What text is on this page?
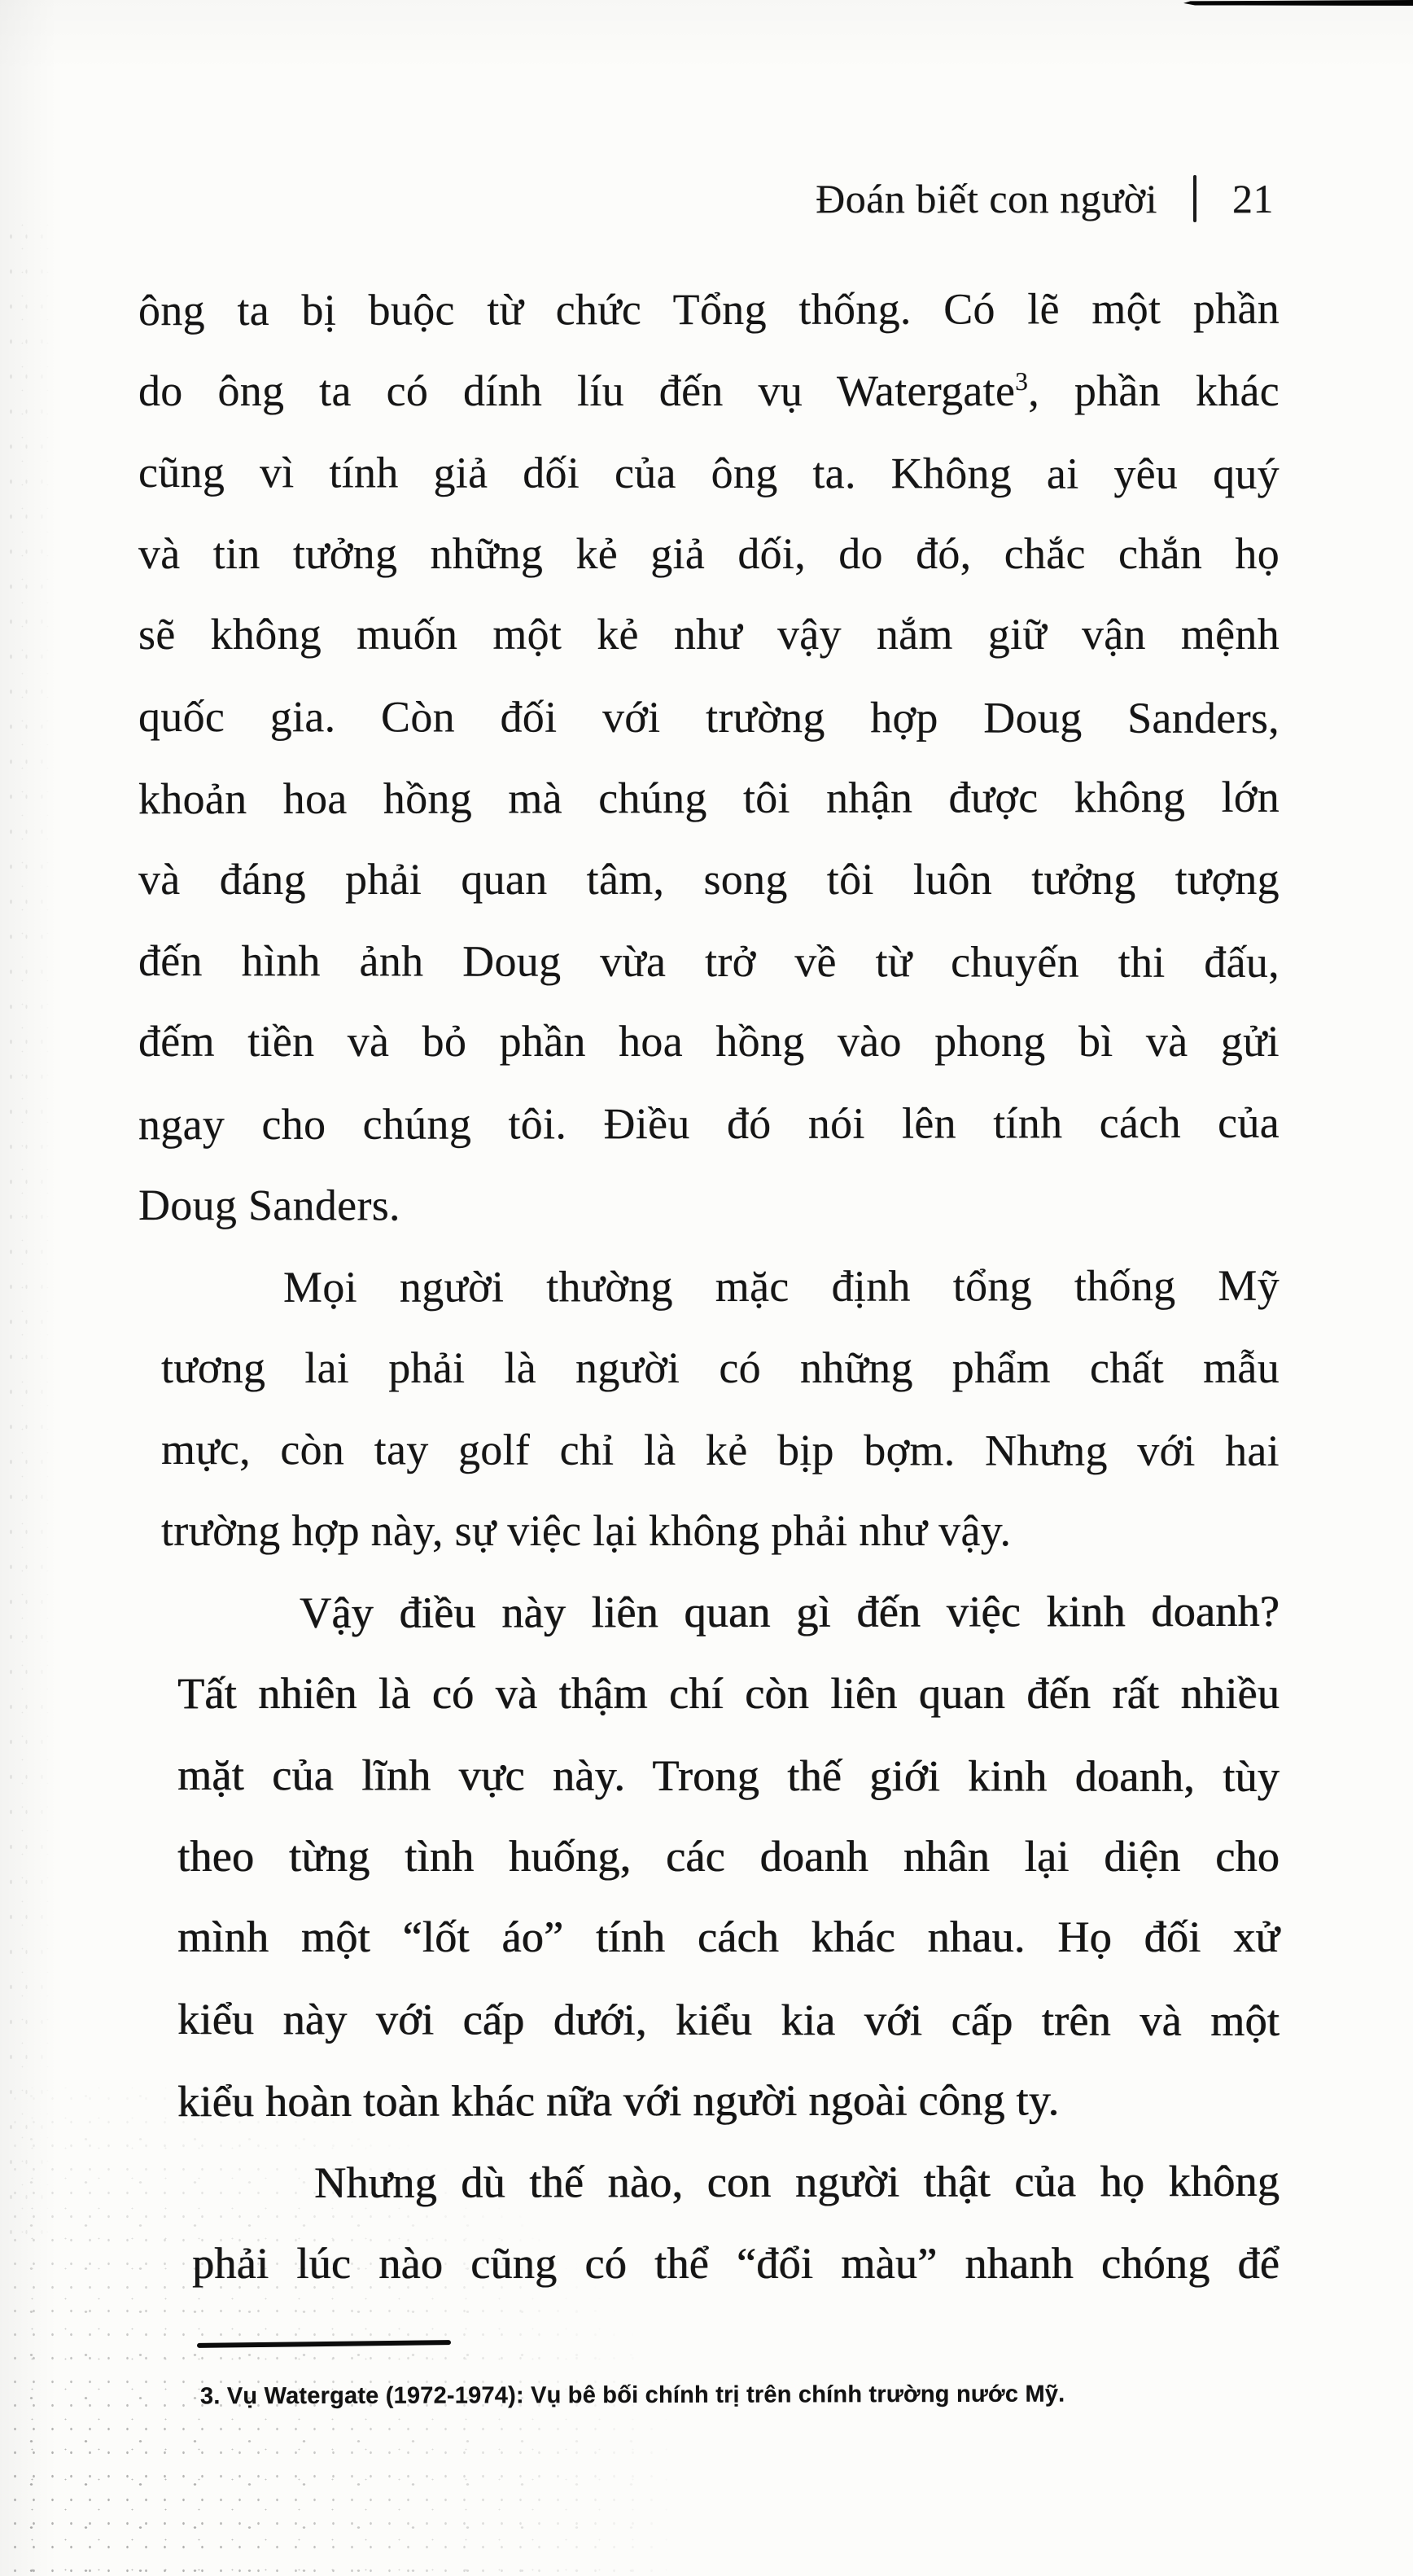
Đoán biết con người 21
ông ta bị buộc từ chức Tổng thống. Có lẽ một phần
do ông ta có dính líu đến vụ Watergate$^3$, phần khác
cũng vì tính giả dối của ông ta. Không ai yêu quý
và tin tưởng những kẻ giả dối, do đó, chắc chắn họ
sẽ không muốn một kẻ như vậy nắm giữ vận mệnh
quốc gia. Còn đối với trường hợp Doug Sanders,
khoản hoa hồng mà chúng tôi nhận được không lớn
và đáng phải quan tâm, song tôi luôn tưởng tượng
đến hình ảnh Doug vừa trở về từ chuyến thi đấu,
đếm tiền và bỏ phần hoa hồng vào phong bì và gửi
ngay cho chúng tôi. Điều đó nói lên tính cách của
Doug Sanders.
Mọi người thường mặc định tổng thống Mỹ
tương lai phải là người có những phẩm chất mẫu
mực, còn tay golf chỉ là kẻ bịp bợm. Nhưng với hai
trường hợp này, sự việc lại không phải như vậy.
Vậy điều này liên quan gì đến việc kinh doanh?
Tất nhiên là có và thậm chí còn liên quan đến rất nhiều
mặt của lĩnh vực này. Trong thế giới kinh doanh, tùy
theo từng tình huống, các doanh nhân lại diện cho
mình một “lốt áo” tính cách khác nhau. Họ đối xử
kiểu này với cấp dưới, kiểu kia với cấp trên và một
kiểu hoàn toàn khác nữa với người ngoài công ty.
Nhưng dù thế nào, con người thật của họ không
phải lúc nào cũng có thể “đổi màu” nhanh chóng để
3. Vụ Watergate (1972-1974): Vụ bê bối chính trị trên chính trường nước Mỹ.
